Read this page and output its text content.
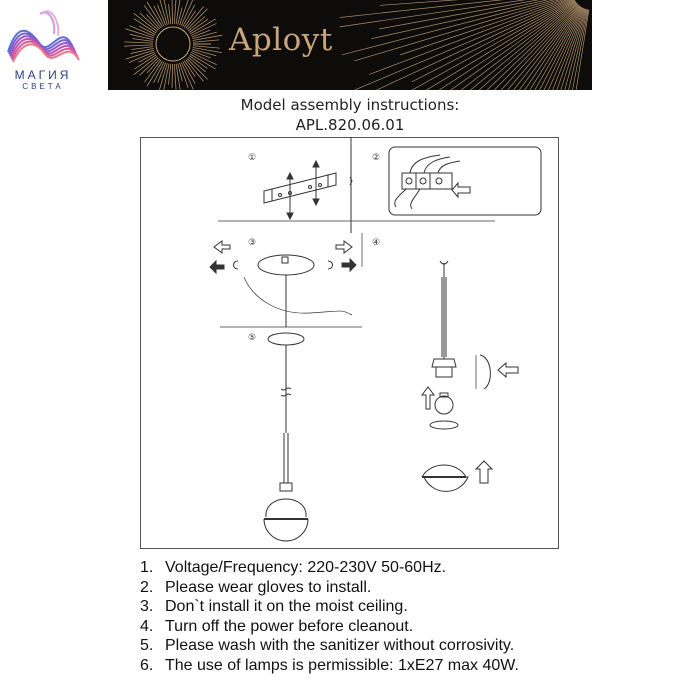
МАГИЯ
СВЕТА
Aployt
Model assembly instructions:
APL.820.06.01
①	②
③	④
⑤
1. Voltage/Frequency: 220-230V 50-60Hz.
2. Please wear gloves to install.
3. Don`t install it on the moist ceiling.
4. Turn off the power before cleanout.
5. Please wash with the sanitizer without corrosivity.
6. The use of lamps is permissible: 1xE27 max 40W.
